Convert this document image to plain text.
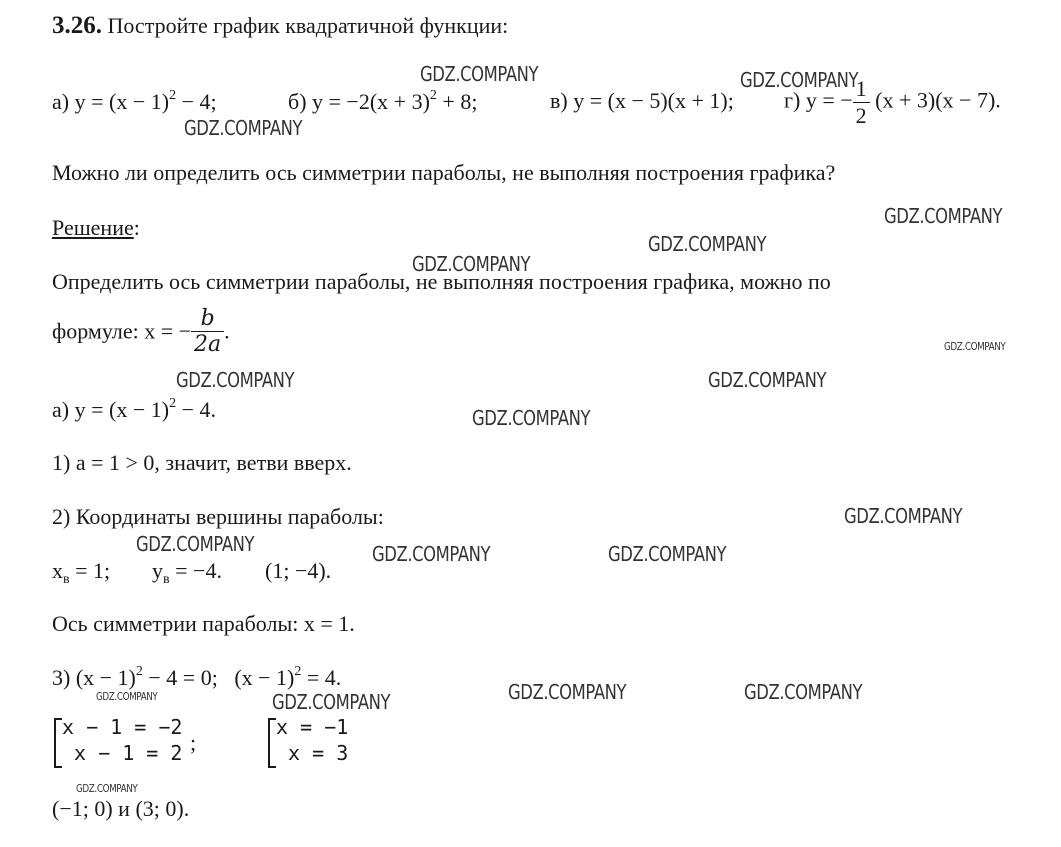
3.26. Постройте график квадратичной функции:
а) $y = (x - 1)^2 - 4$;	б) $y = -2(x + 3)^2 + 8$;	в) y = (x − 5)(x + 1); г) y = − $\frac{1}{2} (x + 3)(x - 7)$.
Можно ли определить ось симметрии параболы, не выполняя построения графика?
Решение:
Определить ось симметрии параболы, не выполняя построения графика, можно по
формуле: x = − $\frac{b}{2a}$ .
а) $y = (x - 1)^2 - 4$.
1) a = 1 > 0, значит, ветви вверх.
2) Координаты вершины параболы:
$x_в = 1$; $y_в = -4$. (1; −4).
Ось симметрии параболы: x = 1.
3) $(x - 1)^2 - 4 = 0$;   $(x - 1)^2 = 4$.
x − 1 = −2
x − 1 = 2 ;
x = −1
x = 3
(−1; 0) и (3; 0).
GDZ.COMPANY	GDZ.COMPANY
GDZ.COMPANY
GDZ.COMPANY
GDZ.COMPANY
GDZ.COMPANY
GDZ.COMPANY
GDZ.COMPANY	GDZ.COMPANY
GDZ.COMPANY
GDZ.COMPANY
GDZ.COMPANY	GDZ.COMPANY	GDZ.COMPANY
GDZ.COMPANY	GDZ.COMPANY	GDZ.COMPANY
GDZ.COMPANY
GDZ.COMPANY
